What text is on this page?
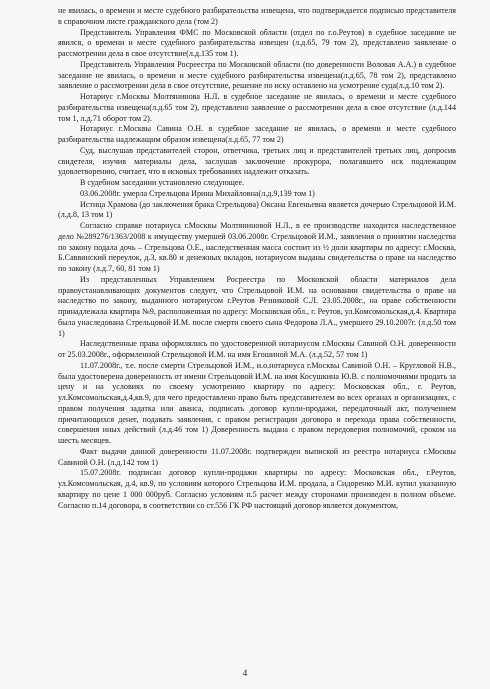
не явилась, о времени и месте судебного разбирательства извещена, что подтверждается подписью представителя в справочном листе гражданского дела (том 2)

Представитель Управления ФМС по Московской области (отдел по г.о.Реутов) в судебное заседание не явился, о времени и месте судебного разбирательства извещен (л.д.65, 79 том 2), представлено заявление о рассмотрении дела в свое отсутствие(л.д.135 том 1).

Представитель Управления Росреестра по Московской области (по доверенности Воловая А.А.) в судебное заседание не явилась, о времени и месте судебного разбирательства извещена(л.д.65, 78 том 2), представлено заявление о рассмотрении дела в свое отсутствие, решение по иску оставлено на усмотрение суда(л.д.10 том 2).

Нотариус г.Москвы Молтянинова Н.Л. в судебное заседание не явилась, о времени и месте судебного разбирательства извещена(л.д.65 том 2), представлено заявление о рассмотрении дела в свое отсутствие (л.д.144 том 1, л.д.71 оборот том 2).

Нотариус г.Москвы Савина О.Н. в судебное заседание не явилась, о времени и месте судебного разбирательства надлежащим образом извещена(л.д.65, 77 том 2)

Суд, выслушав представителей сторон, ответчика, третьих лиц и представителей третьих лиц, допросив свидетеля, изучив материалы дела, заслушав заключение прокурора, полагавшего иск подлежащим удовлетворению, считает, что в исковых требованиях надлежит отказать.

В судебном заседании установлено следующее.

03.06.2008г. умерла Стрельцова Ирина Михайловна(л.д.9,139 том 1)

Истица Храмова (до заключения брака Стрельцова) Оксана Евгеньевна является дочерью Стрельцовой И.М.(л.д.8, 13 том 1)

Согласно справке нотариуса г.Москвы Молтяниновой Н.Л., в ее производстве находится наследственное дело №289276/1363/2008 к имуществу умершей 03.06.2008г. Стрельцовой И.М., заявления о принятии наследства по закону подала дочь – Стрельцова О.Е., наследственная масса состоит из ½ доли квартиры по адресу: г.Москва, Б.Саввинский переулок, д.3, кв.80 и денежных вкладов, нотариусом выданы свидетельства о праве на наследство по закону (л.д.7, 60, 81 том 1)

Из представленных Управлением Росреестра по Московской области материалов дела правоустанавливающих документов следует, что Стрельцовой И.М. на основании свидетельства о праве на наследство по закону, выданного нотариусом г.Реутов Резниковой С.Л. 23.05.2008г., на праве собственности принадлежала квартира №9, расположенная по адресу: Московская обл., г. Реутов, ул.Комсомольская,д.4. Квартира была унаследована Стрельцовой И.М. после смерти своего сына Федорова Л.А., умершего 29.10.2007г. (л.д.50 том 1)

Наследственные права оформлялись по удостоверенной нотариусом г.Москвы Савиной О.Н. доверенности от 25.03.2008г., оформленной Стрельцовой И.М. на имя Егошиной М.А. (л.д.52, 57 том 1)

11.07.2008г., т.е. после смерти Стрельцовой И.М., и.о.нотариуса г.Москвы Савиной О.Н. – Кругловой Н.В., была удостоверена доверенность от имени Стрельцовой И.М. на имя Косушкина Ю.В. с полномочиями продать за цену и на условиях по своему усмотрению квартиру по адресу: Московская обл., г. Реутов, ул.Комсомольская,д.4,кв.9, для чего предоставлено право быть представителем во всех органах и организациях, с правом получения задатка или аванса, подписать договор купли-продажи, передаточный акт, получением причитающихся денег, подавать заявления, с правом регистрации договора и перехода права собственности, совершения иных действий (л.д.46 том 1) Доверенность выдана с правом передоверия полномочий, сроком на шесть месяцев.

Факт выдачи данной доверенности 11.07.2008г. подтвержден выпиской из реестра нотариуса г.Москвы Савиной О.Н. (л.д.142 том 1)

15.07.2008г. подписан договор купли-продажи квартиры по адресу: Московская обл., г.Реутов, ул.Комсомольская, д.4, кв.9, по условиям которого Стрельцова И.М. продала, а Сидоренко М.И. купил указанную квартиру по цене 1 000 000руб. Согласно условиям п.5 расчет между сторонами произведен в полном объеме. Согласно п.14 договора, в соответствии со ст.556 ГК РФ настоящий договор является документом,

4
